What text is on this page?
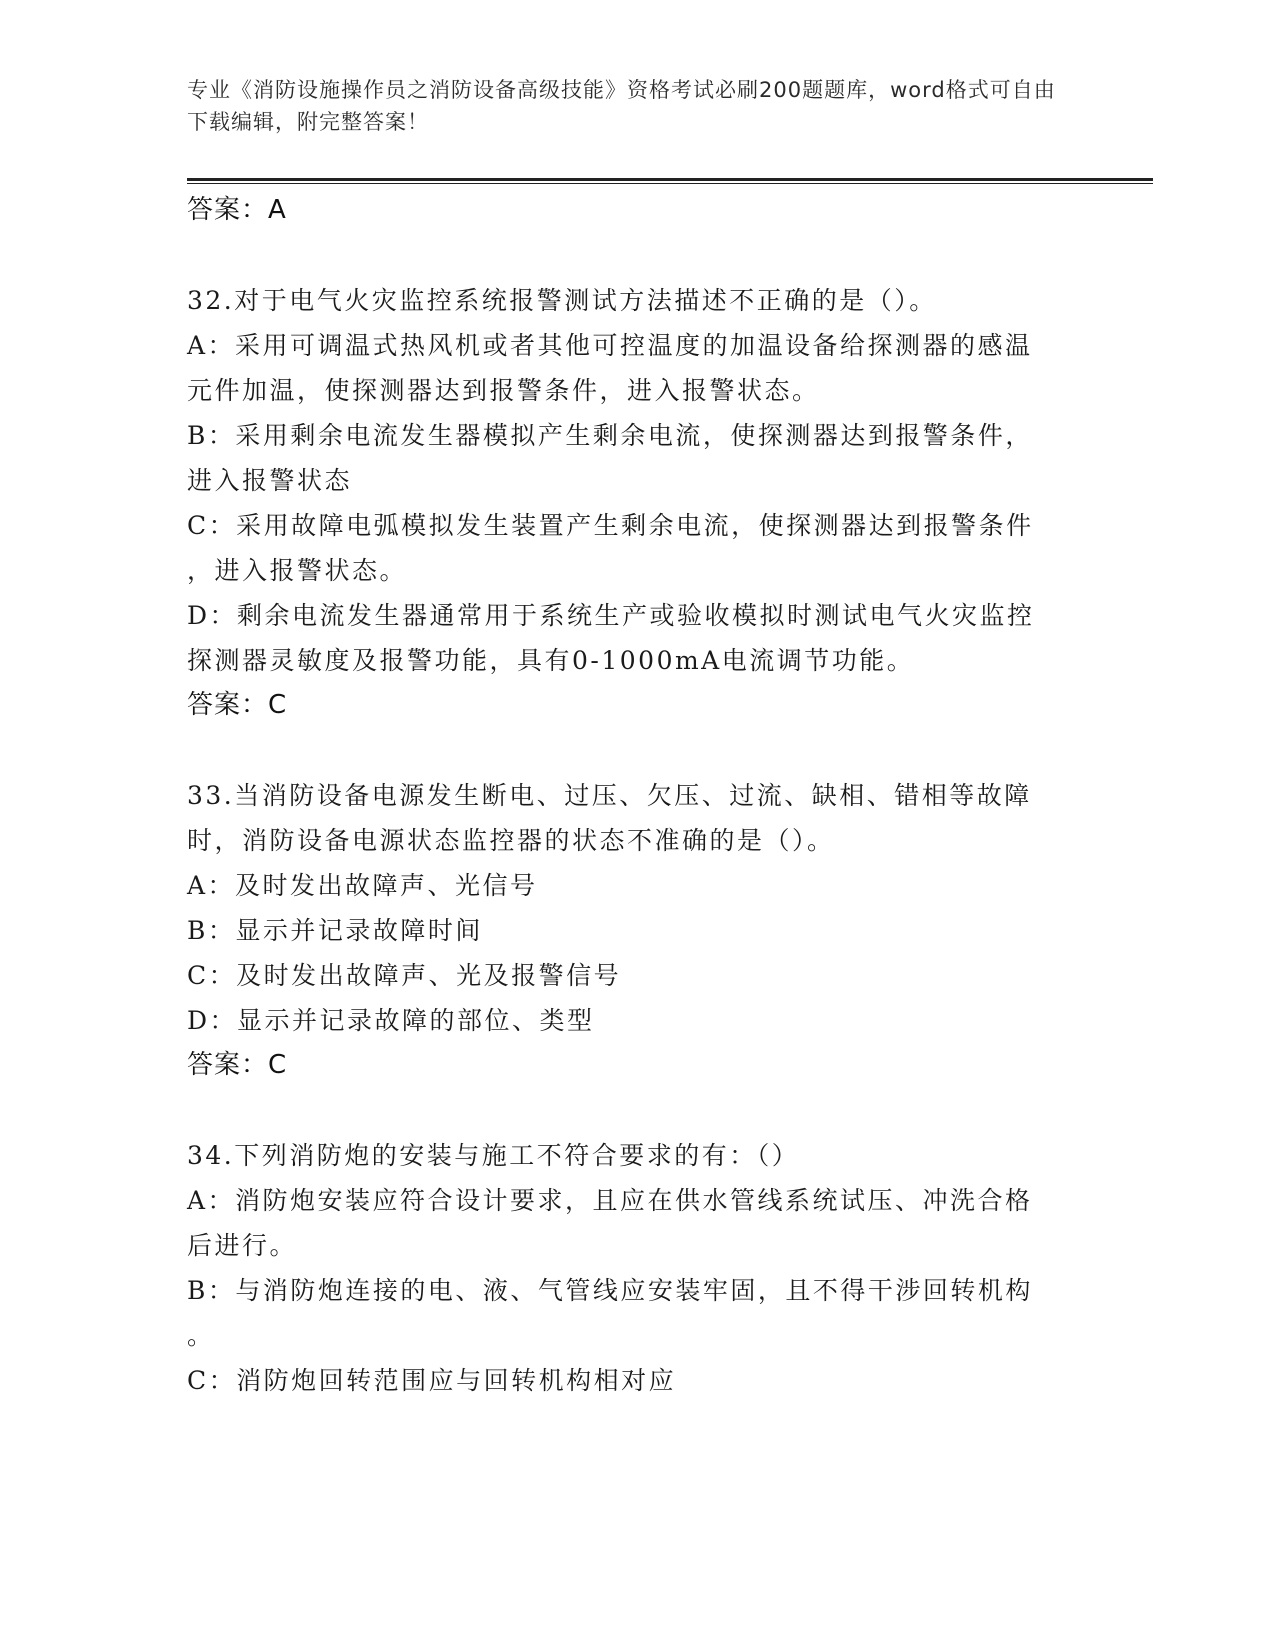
专业《消防设施操作员之消防设备高级技能》资格考试必刷200题题库，word格式可自由下载编辑，附完整答案！
答案：A
32.对于电气火灾监控系统报警测试方法描述不正确的是（）。
A：采用可调温式热风机或者其他可控温度的加温设备给探测器的感温
元件加温，使探测器达到报警条件，进入报警状态。
B：采用剩余电流发生器模拟产生剩余电流，使探测器达到报警条件，
进入报警状态
C：采用故障电弧模拟发生装置产生剩余电流，使探测器达到报警条件
，进入报警状态。
D：剩余电流发生器通常用于系统生产或验收模拟时测试电气火灾监控
探测器灵敏度及报警功能，具有0-1000mA电流调节功能。
答案：C
33.当消防设备电源发生断电、过压、欠压、过流、缺相、错相等故障
时，消防设备电源状态监控器的状态不准确的是（）。
A：及时发出故障声、光信号
B：显示并记录故障时间
C：及时发出故障声、光及报警信号
D：显示并记录故障的部位、类型
答案：C
34.下列消防炮的安装与施工不符合要求的有：（）
A：消防炮安装应符合设计要求，且应在供水管线系统试压、冲洗合格
后进行。
B：与消防炮连接的电、液、气管线应安装牢固，且不得干涉回转机构
。
C：消防炮回转范围应与回转机构相对应
